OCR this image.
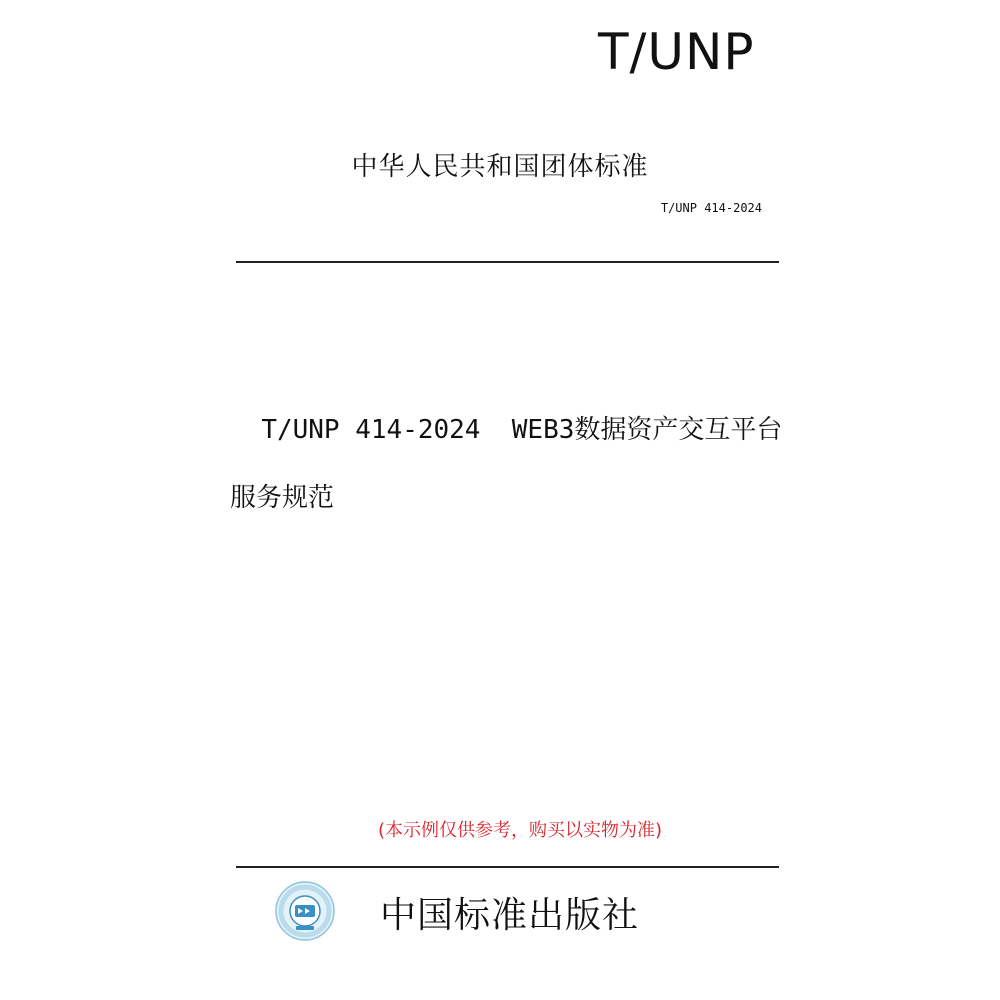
T/UNP
中华人民共和国团体标准
T/UNP 414-2024

T/UNP 414-2024  WEB3数据资产交互平台

服务规范

(本示例仅供参考，购买以实物为准)
中国标准出版社
